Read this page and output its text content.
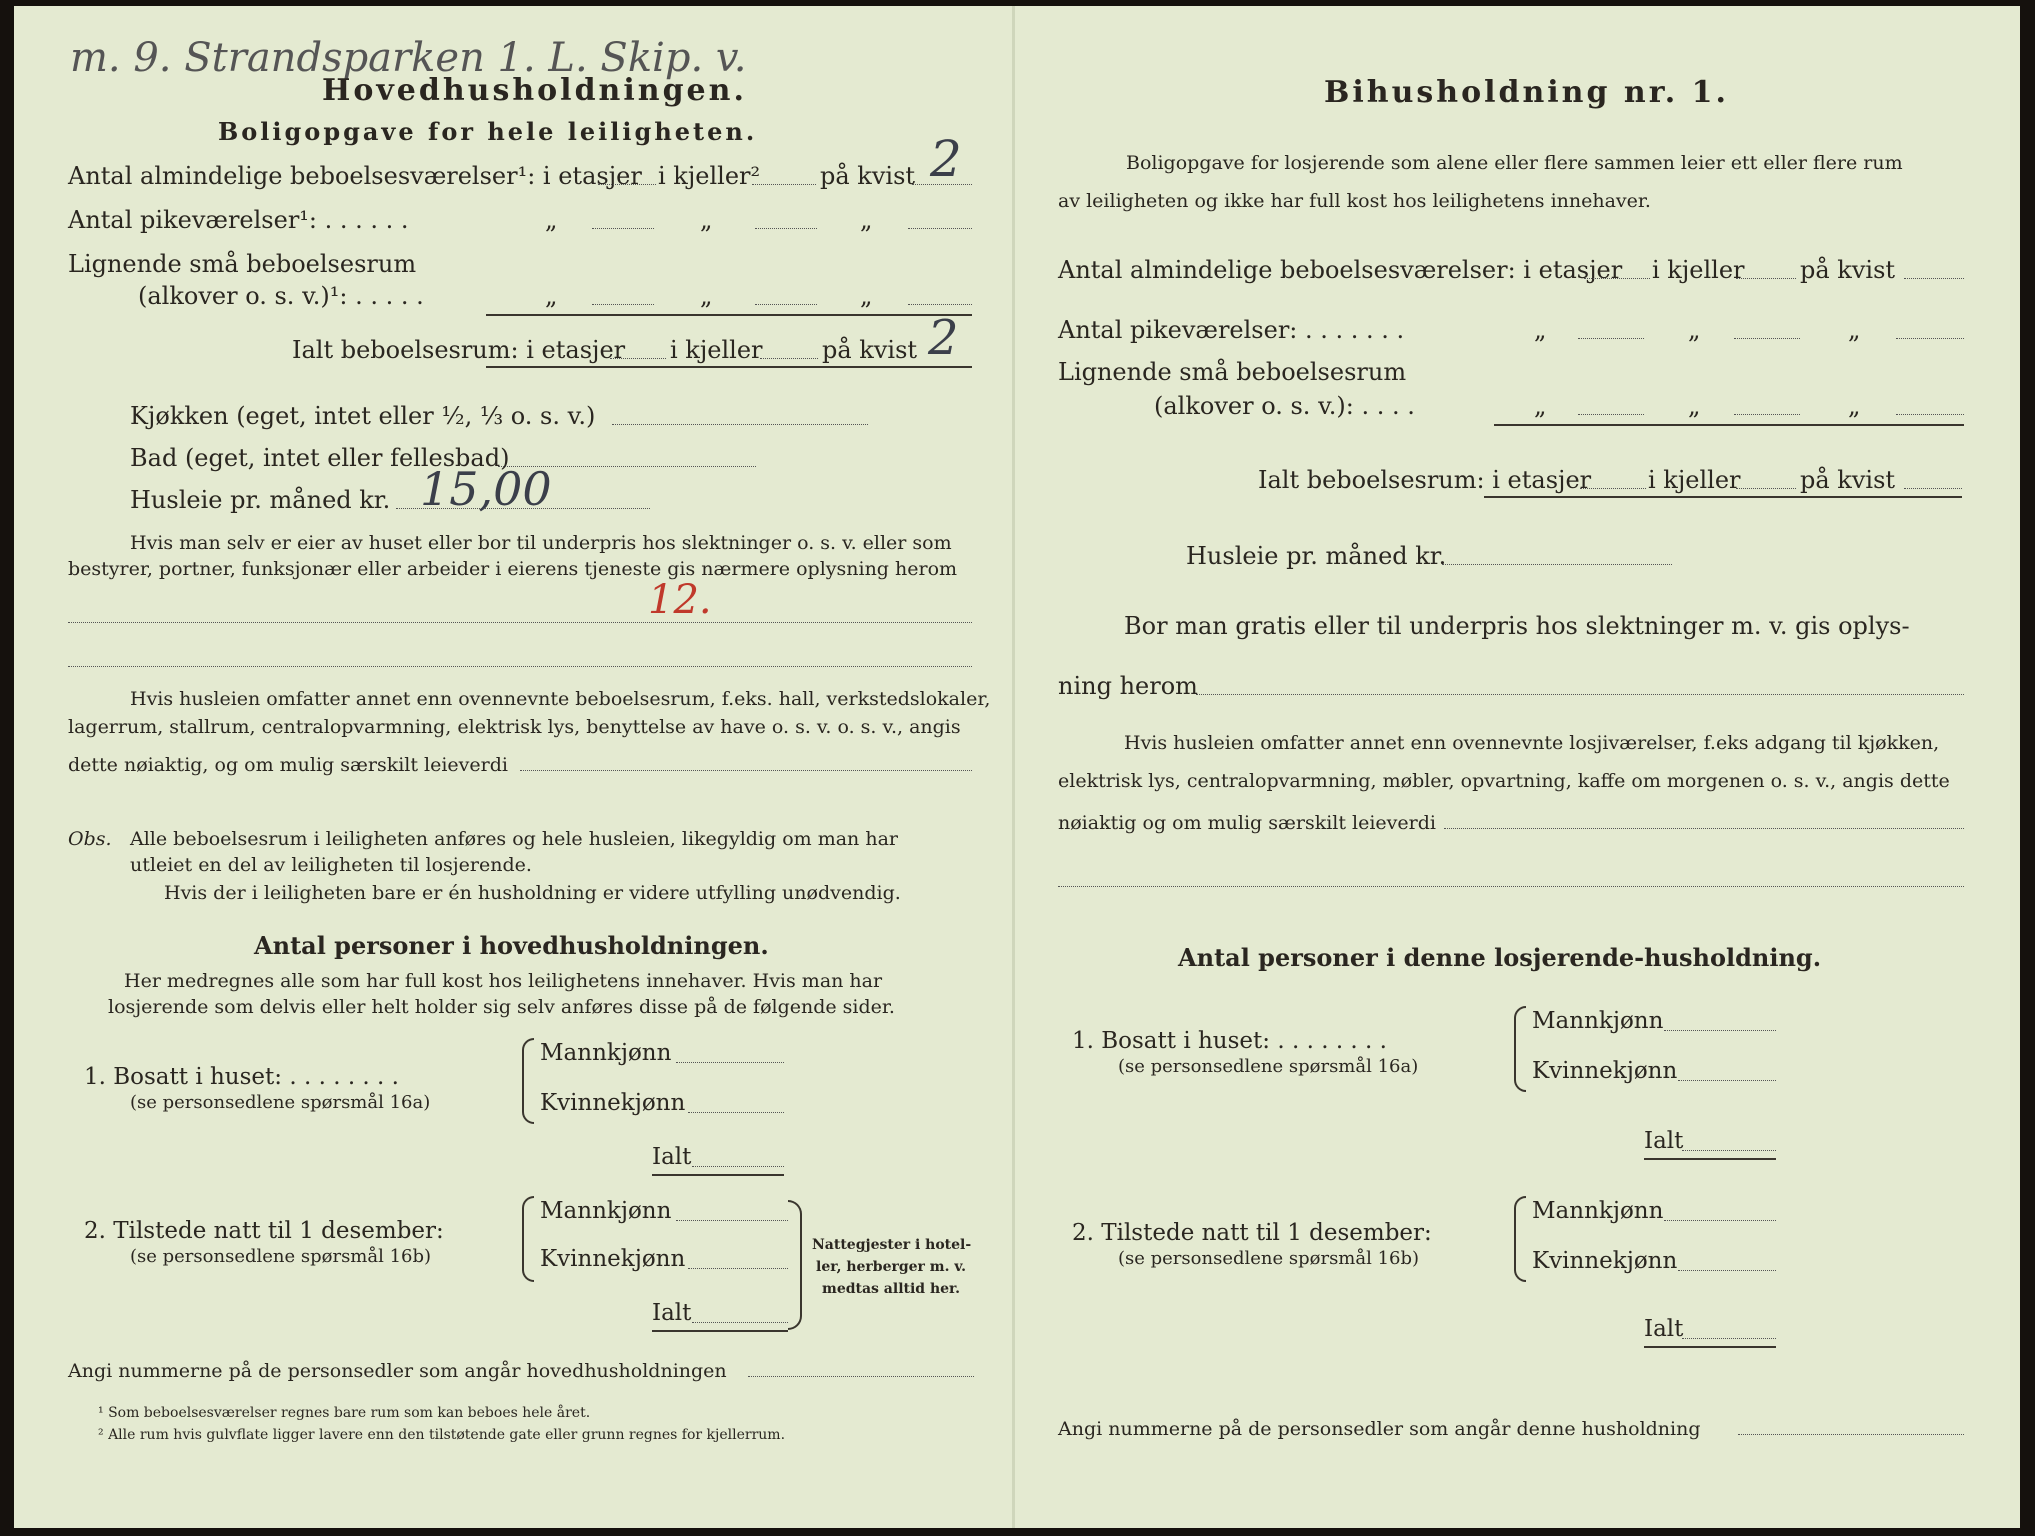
m. 9. Strandsparken 1. L. Skip. v.
Hovedhusholdningen.
Boligopgave for hele leiligheten.
Antal almindelige beboelsesværelser¹: i etasjer i kjeller² på kvist 2
Antal pikeværelser¹: . . . . . .	„	„	„
Lignende små beboelsesrum
(alkover o. s. v.)¹: . . . . .	„	„	„
Ialt beboelsesrum: i etasjer i kjeller på kvist 2
Kjøkken (eget, intet eller ½, ⅓ o. s. v.)
Bad (eget, intet eller fellesbad)
Husleie pr. måned kr. 15,00
Hvis man selv er eier av huset eller bor til underpris hos slektninger o. s. v. eller som
bestyrer, portner, funksjonær eller arbeider i eierens tjeneste gis nærmere oplysning herom
12.
Hvis husleien omfatter annet enn ovennevnte beboelsesrum, f.eks. hall, verkstedslokaler,
lagerrum, stallrum, centralopvarmning, elektrisk lys, benyttelse av have o. s. v. o. s. v., angis
dette nøiaktig, og om mulig særskilt leieverdi
Obs. Alle beboelsesrum i leiligheten anføres og hele husleien, likegyldig om man har
utleiet en del av leiligheten til losjerende.
Hvis der i leiligheten bare er én husholdning er videre utfylling unødvendig.
Antal personer i hovedhusholdningen.
Her medregnes alle som har full kost hos leilighetens innehaver. Hvis man har
losjerende som delvis eller helt holder sig selv anføres disse på de følgende sider.
1. Bosatt i huset: . . . . . . . .
(se personsedlene spørsmål 16a)
Mannkjønn
Kvinnekjønn
Ialt
2. Tilstede natt til 1 desember:
(se personsedlene spørsmål 16b)
Mannkjønn
Kvinnekjønn
Ialt
Nattegjester i hotel-
ler, herberger m. v.
medtas alltid her.
Angi nummerne på de personsedler som angår hovedhusholdningen
¹ Som beboelsesværelser regnes bare rum som kan beboes hele året.
² Alle rum hvis gulvflate ligger lavere enn den tilstøtende gate eller grunn regnes for kjellerrum.
Bihusholdning nr. 1.
Boligopgave for losjerende som alene eller flere sammen leier ett eller flere rum
av leiligheten og ikke har full kost hos leilighetens innehaver.
Antal almindelige beboelsesværelser: i etasjer i kjeller på kvist
Antal pikeværelser: . . . . . . .	„	„	„
Lignende små beboelsesrum
(alkover o. s. v.): . . . .	„	„	„
Ialt beboelsesrum: i etasjer i kjeller på kvist
Husleie pr. måned kr.
Bor man gratis eller til underpris hos slektninger m. v. gis oplys-
ning herom
Hvis husleien omfatter annet enn ovennevnte losjiværelser, f.eks adgang til kjøkken,
elektrisk lys, centralopvarmning, møbler, opvartning, kaffe om morgenen o. s. v., angis dette
nøiaktig og om mulig særskilt leieverdi
Antal personer i denne losjerende-husholdning.
1. Bosatt i huset: . . . . . . . .
(se personsedlene spørsmål 16a)
Mannkjønn
Kvinnekjønn
Ialt
2. Tilstede natt til 1 desember:
(se personsedlene spørsmål 16b)
Mannkjønn
Kvinnekjønn
Ialt
Angi nummerne på de personsedler som angår denne husholdning
